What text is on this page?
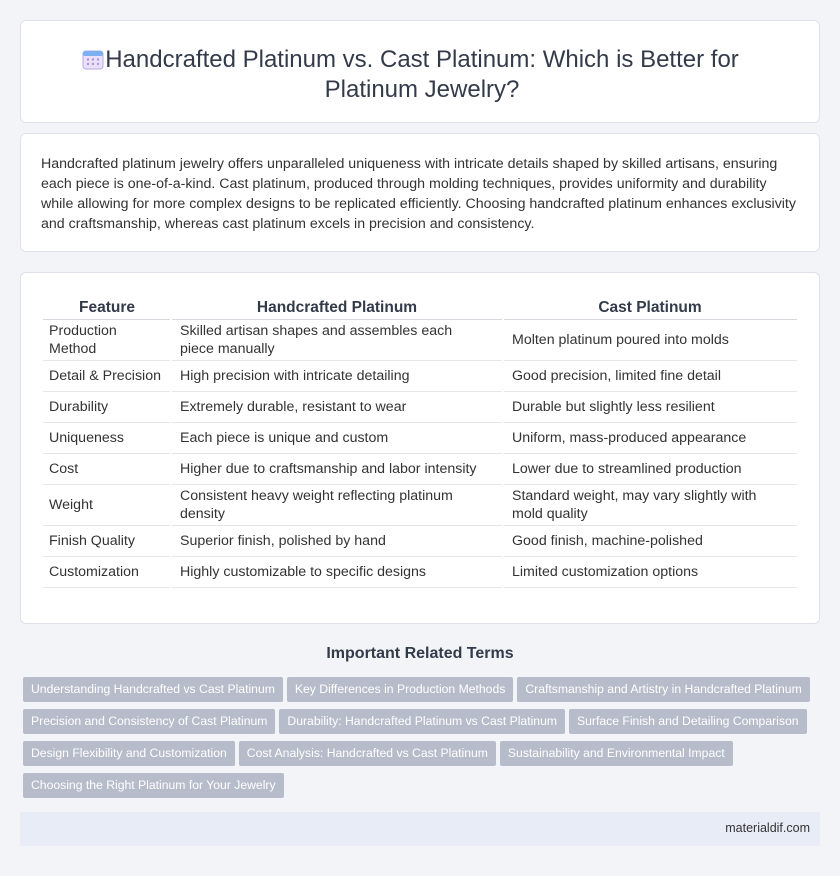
Handcrafted Platinum vs. Cast Platinum: Which is Better for Platinum Jewelry?

Handcrafted platinum jewelry offers unparalleled uniqueness with intricate details shaped by skilled artisans, ensuring each piece is one-of-a-kind. Cast platinum, produced through molding techniques, provides uniformity and durability while allowing for more complex designs to be replicated efficiently. Choosing handcrafted platinum enhances exclusivity and craftsmanship, whereas cast platinum excels in precision and consistency.

Feature	Handcrafted Platinum	Cast Platinum
Production Method	Skilled artisan shapes and assembles each piece manually	Molten platinum poured into molds
Detail & Precision	High precision with intricate detailing	Good precision, limited fine detail
Durability	Extremely durable, resistant to wear	Durable but slightly less resilient
Uniqueness	Each piece is unique and custom	Uniform, mass-produced appearance
Cost	Higher due to craftsmanship and labor intensity	Lower due to streamlined production
Weight	Consistent heavy weight reflecting platinum density	Standard weight, may vary slightly with mold quality
Finish Quality	Superior finish, polished by hand	Good finish, machine-polished
Customization	Highly customizable to specific designs	Limited customization options
Important Related Terms
Understanding Handcrafted vs Cast Platinum Key Differences in Production Methods Craftsmanship and Artistry in Handcrafted Platinum
Precision and Consistency of Cast Platinum Durability: Handcrafted Platinum vs Cast Platinum Surface Finish and Detailing Comparison
Design Flexibility and Customization Cost Analysis: Handcrafted vs Cast Platinum Sustainability and Environmental Impact
Choosing the Right Platinum for Your Jewelry
materialdif.com
